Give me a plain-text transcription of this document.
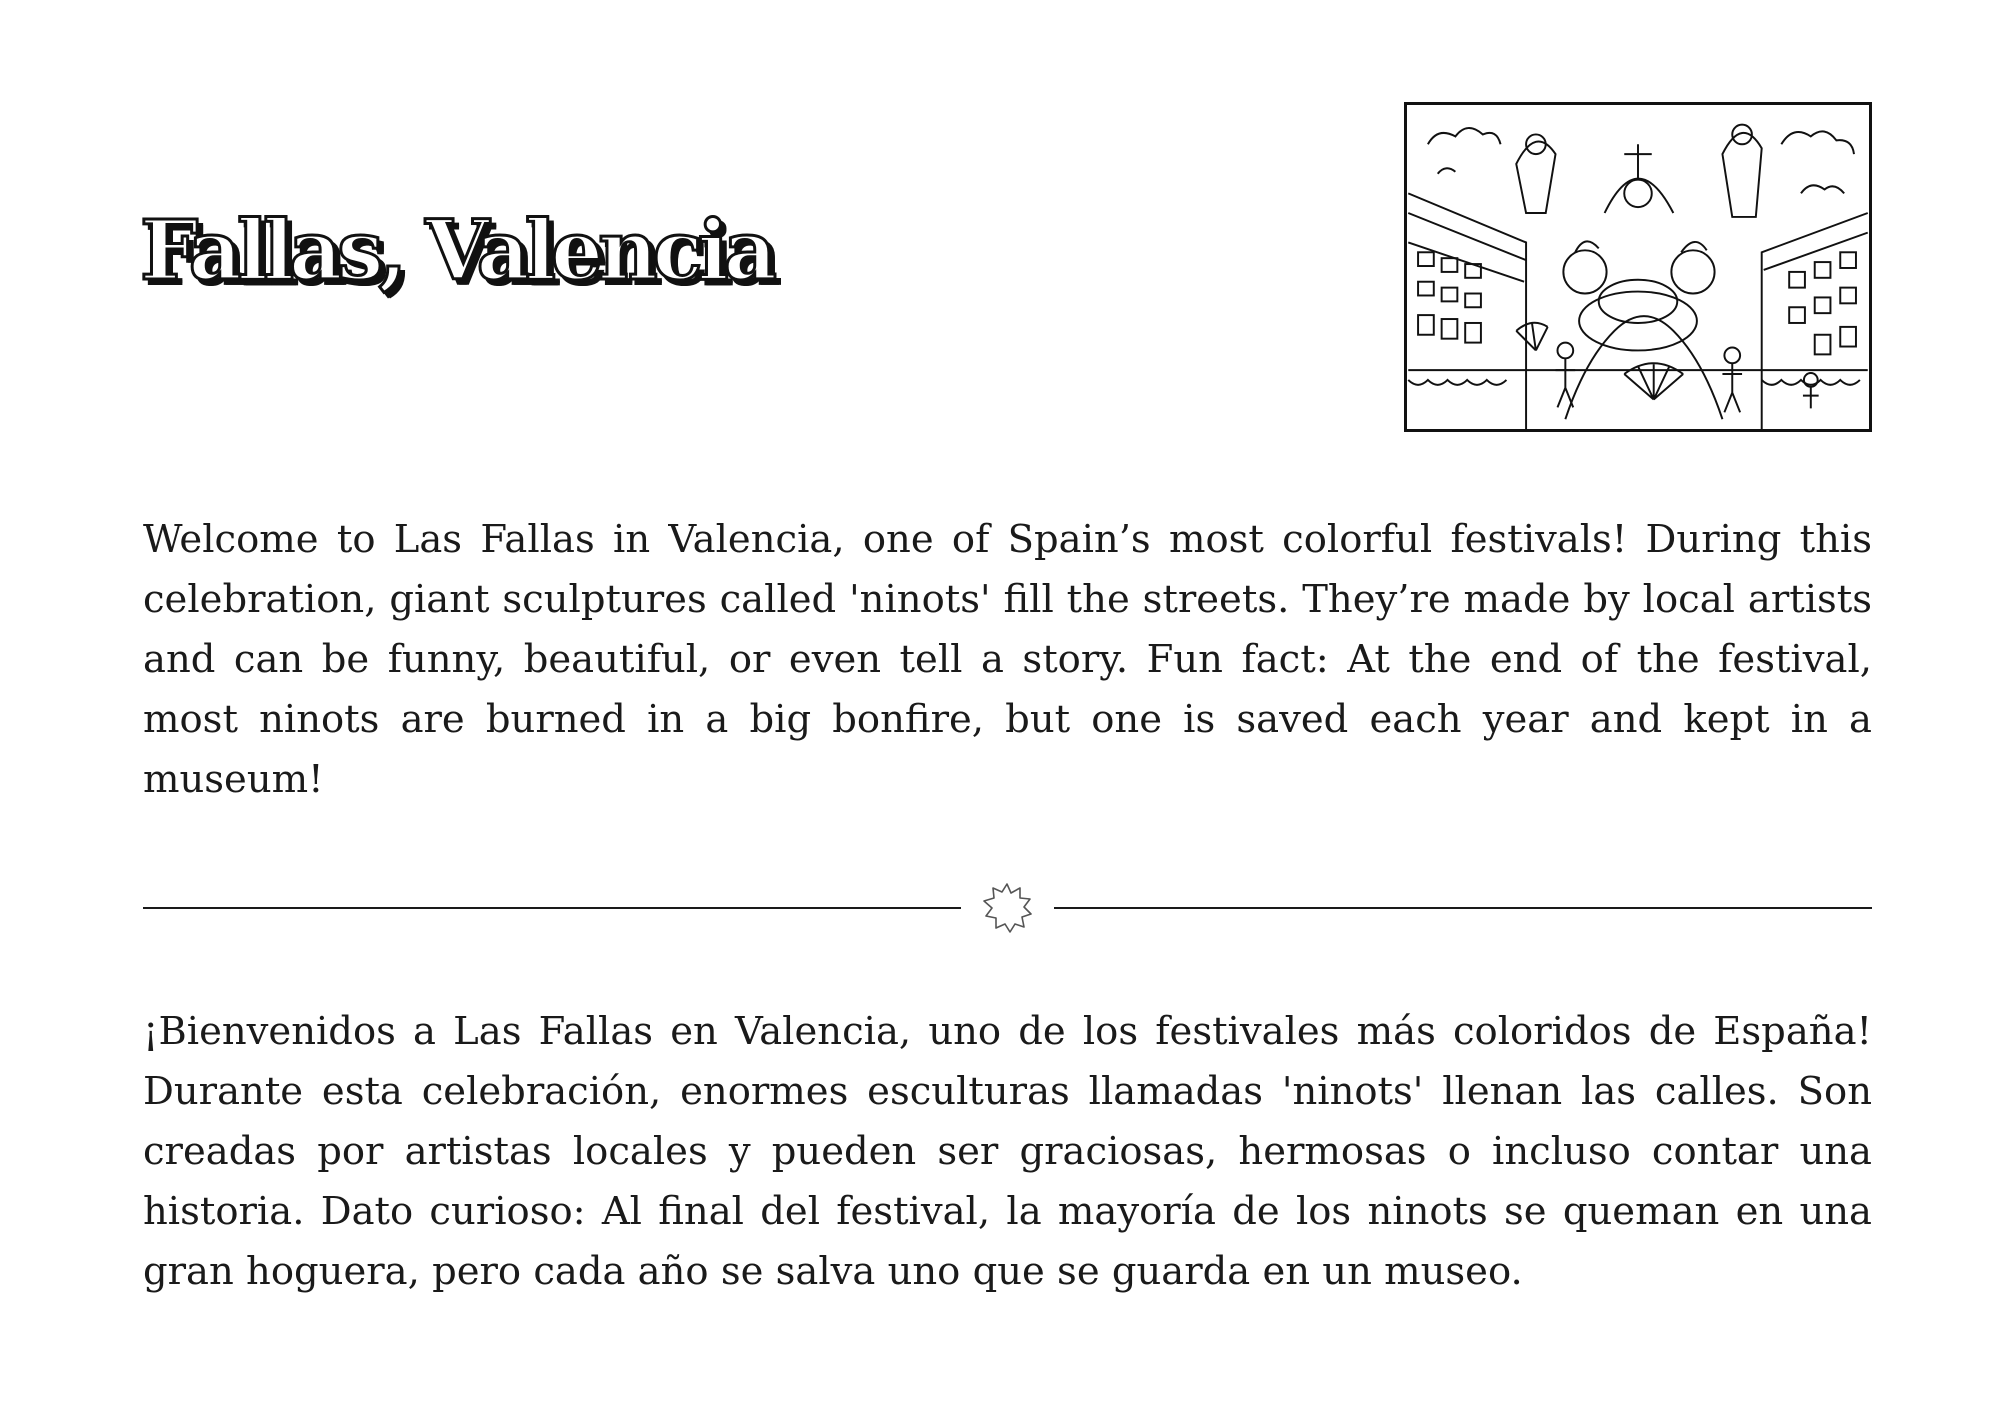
Fallas, Valencia

Welcome to Las Fallas in Valencia, one of Spain’s most colorful festivals! During this celebration, giant sculptures called 'ninots' fill the streets. They’re made by local artists and can be funny, beautiful, or even tell a story. Fun fact: At the end of the festival, most ninots are burned in a big bonfire, but one is saved each year and kept in a museum!

¡Bienvenidos a Las Fallas en Valencia, uno de los festivales más coloridos de España! Durante esta celebración, enormes esculturas llamadas 'ninots' llenan las calles. Son creadas por artistas locales y pueden ser graciosas, hermosas o incluso contar una historia. Dato curioso: Al final del festival, la mayoría de los ninots se queman en una gran hoguera, pero cada año se salva uno que se guarda en un museo.
